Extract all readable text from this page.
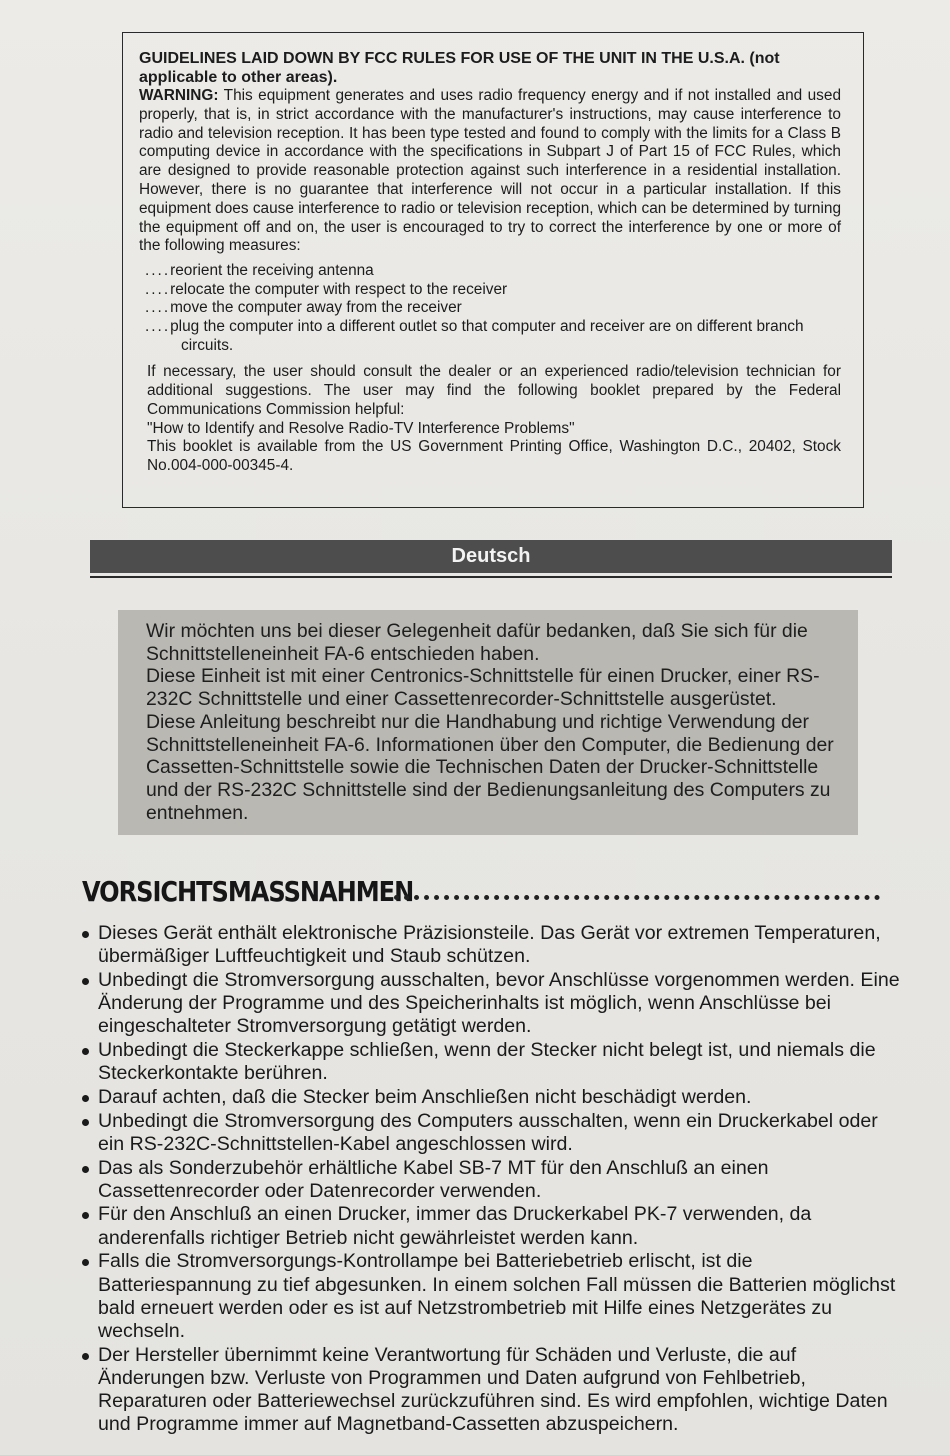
GUIDELINES LAID DOWN BY FCC RULES FOR USE OF THE UNIT IN THE U.S.A. (not applicable to other areas).

WARNING: This equipment generates and uses radio frequency energy and if not installed and used properly, that is, in strict accordance with the manufacturer's instructions, may cause interference to radio and television reception. It has been type tested and found to comply with the limits for a Class B computing device in accordance with the specifications in Subpart J of Part 15 of FCC Rules, which are designed to provide reasonable protection against such interference in a residential installation. However, there is no guarantee that interference will not occur in a particular installation. If this equipment does cause interference to radio or television reception, which can be determined by turning the equipment off and on, the user is encouraged to try to correct the interference by one or more of the following measures:

....reorient the receiving antenna
....relocate the computer with respect to the receiver
....move the computer away from the receiver
....plug the computer into a different outlet so that computer and receiver are on different branch circuits.
If necessary, the user should consult the dealer or an experienced radio/television technician for additional suggestions. The user may find the following booklet prepared by the Federal Communications Commission helpful:
"How to Identify and Resolve Radio-TV Interference Problems"
This booklet is available from the US Government Printing Office, Washington D.C., 20402, Stock No.004-000-00345-4.
Deutsch

Wir möchten uns bei dieser Gelegenheit dafür bedanken, daß Sie sich für die Schnittstelleneinheit FA-6 entschieden haben.

Diese Einheit ist mit einer Centronics-Schnittstelle für einen Drucker, einer RS-232C Schnittstelle und einer Cassettenrecorder-Schnittstelle ausgerüstet.

Diese Anleitung beschreibt nur die Handhabung und richtige Verwendung der Schnittstelleneinheit FA-6. Informationen über den Computer, die Bedienung der Cassetten-Schnittstelle sowie die Technischen Daten der Drucker-Schnittstelle und der RS-232C Schnittstelle sind der Bedienungsanleitung des Computers zu entnehmen.

VORSICHTSMASSNAHMEN
Dieses Gerät enthält elektronische Präzisionsteile. Das Gerät vor extremen Temperaturen, übermäßiger Luftfeuchtigkeit und Staub schützen.
Unbedingt die Stromversorgung ausschalten, bevor Anschlüsse vorgenommen werden. Eine Änderung der Programme und des Speicherinhalts ist möglich, wenn Anschlüsse bei eingeschalteter Stromversorgung getätigt werden.
Unbedingt die Steckerkappe schließen, wenn der Stecker nicht belegt ist, und niemals die Steckerkontakte berühren.
Darauf achten, daß die Stecker beim Anschließen nicht beschädigt werden.
Unbedingt die Stromversorgung des Computers ausschalten, wenn ein Druckerkabel oder ein RS-232C-Schnittstellen-Kabel angeschlossen wird.
Das als Sonderzubehör erhältliche Kabel SB-7 MT für den Anschluß an einen Cassettenrecorder oder Datenrecorder verwenden.
Für den Anschluß an einen Drucker, immer das Druckerkabel PK-7 verwenden, da anderenfalls richtiger Betrieb nicht gewährleistet werden kann.
Falls die Stromversorgungs-Kontrollampe bei Batteriebetrieb erlischt, ist die Batteriespannung zu tief abgesunken. In einem solchen Fall müssen die Batterien möglichst bald erneuert werden oder es ist auf Netzstrombetrieb mit Hilfe eines Netzgerätes zu wechseln.
Der Hersteller übernimmt keine Verantwortung für Schäden und Verluste, die auf Änderungen bzw. Verluste von Programmen und Daten aufgrund von Fehlbetrieb, Reparaturen oder Batteriewechsel zurückzuführen sind. Es wird empfohlen, wichtige Daten und Programme immer auf Magnetband-Cassetten abzuspeichern.
